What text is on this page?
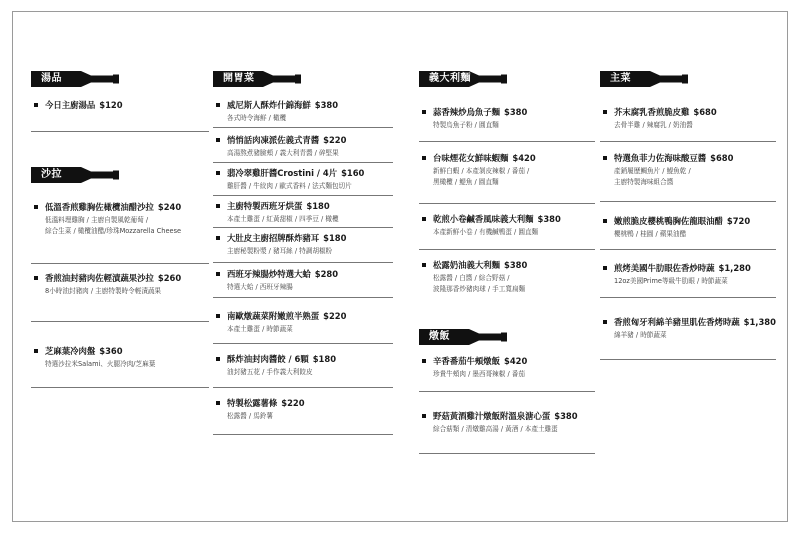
湯品
今日主廚湯品 $120
沙拉
低溫香煎雞胸佐橄欖油醋沙拉 $240
低溫料理雞胸 / 主廚自製風乾葡萄 /
綜合生菜 / 橄欖油醋/珍珠Mozzarella Cheese
香煎油封豬肉佐輕漬蔬果沙拉 $260
8小時油封豬肉 / 主廚特製時令輕漬蔬果
芝麻葉冷肉盤 $360
特選沙拉米Salami、火腿冷肉/芝麻葉
開胃菜
威尼斯人酥炸什錦海鮮 $380
各式時令海鮮 / 橄欖
悄悄話肉凍派佐義式青醬 $220
高湯熬煮豬臉頰 / 義大利青醬 / 碎堅果
翡冷翠雞肝醬Crostini / 4片 $160
雞肝醬 / 牛絞肉 / 歐式香料 / 法式麵包切片
主廚特製西班牙烘蛋 $180
本產土雞蛋 / 紅黃甜椒 / 四季豆 / 橄欖
大肚皮主廚招牌酥炸豬耳 $180
主廚秘製粉漿 / 豬耳絲 / 特調胡椒粉
西班牙辣腸炒特選大蛤 $280
特選大蛤 / 西班牙辣腸
南歐燉蔬菜附嫩煎半熟蛋 $220
本產土雞蛋 / 時節蔬菜
酥炸油封肉醬餃 / 6顆 $180
油封豬五花 / 手作義大利餃皮
特製松露薯條 $220
松露醬 / 馬鈴薯
義大利麵
蒜香辣炒烏魚子麵 $380
特製烏魚子粉 / 圓直麵
台味煙花女鮮味蝦麵 $420
新鮮白蝦 / 本產剝皮辣椒 / 番茄 /
黑橄欖 / 鯷魚 / 圓直麵
乾煎小卷鹹香風味義大利麵 $380
本產新鮮小卷 / 有機鹹鴨蛋 / 圓直麵
松露奶油義大利麵 $380
松露醬 / 白醬 / 綜合野菇 /
波隆那香炒豬肉球 / 手工寬扁麵
燉飯
辛香番茄牛頰燉飯 $420
珍貴牛頰肉 / 墨西哥辣椒 / 番茄
野菇黃酒雞汁燉飯附溫泉溏心蛋 $380
綜合菇類 / 清燉雞高湯 / 黃酒 / 本產土雞蛋
主菜
芥末腐乳香煎脆皮雞 $680
去骨半雞 / 辣腐乳 / 奶油醬
特選魚菲力佐海味酸豆醬 $680
產銷履歷鯛魚片 / 鯷魚乾 /
主廚特製海味組合醬
嫩煎脆皮櫻桃鴨胸佐龍眼油醋 $720
櫻桃鴨 / 桂圓 / 蘋果油醋
煎烤美國牛肋眼佐香炒時蔬 $1,280
12oz美國Prime等級牛肋眼 / 時節蔬菜
香煎匈牙利綿羊豬里肌佐香烤時蔬 $1,380
綿羊豬 / 時節蔬菜
